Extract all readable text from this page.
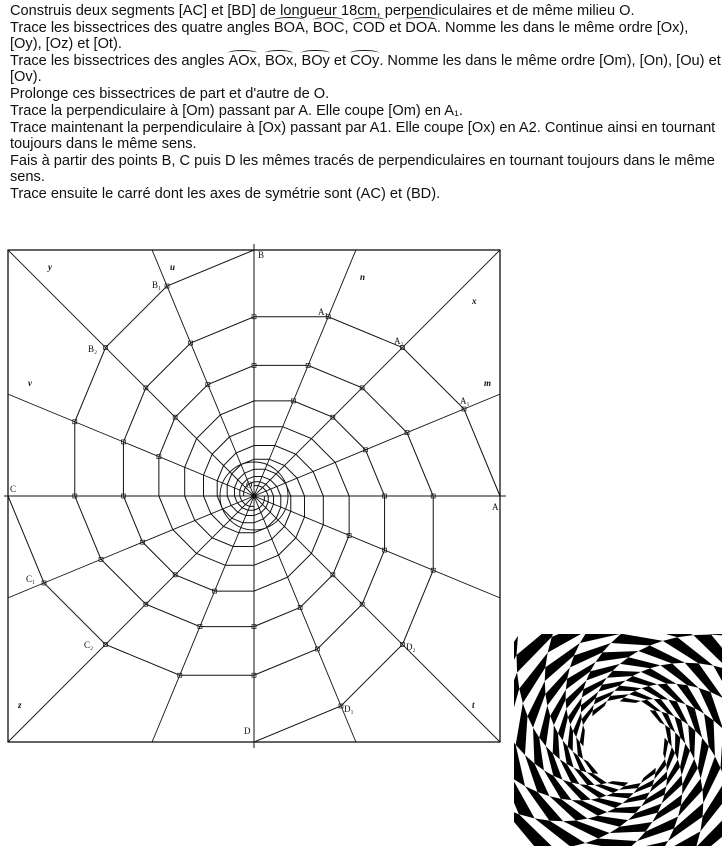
Construis deux segments [AC] et [BD] de longueur 18cm, perpendiculaires et de même milieu O.

Trace les bissectrices des quatre angles BOA, BOC, COD et DOA. Nomme les dans le même ordre [Ox), [Oy), [Oz) et [Ot).

Trace les bissectrices des angles AOx, BOx, BOy et COy. Nomme les dans le même ordre [Om), [On), [Ou) et [Ov).

Prolonge ces bissectrices de part et d'autre de O.

Trace la perpendiculaire à [Om) passant par A. Elle coupe [Om) en A₁.

Trace maintenant la perpendiculaire à [Ox) passant par A1. Elle coupe [Ox) en A2. Continue ainsi en tournant toujours dans le même sens.

Fais à partir des points B, C puis D les mêmes tracés de perpendiculaires en tournant toujours dans le même sens.

Trace ensuite le carré dont les axes de symétrie sont (AC) et (BD).

A
B
C
D
O
A₁
A₂
A₃
B₁
B₂
C₁
C₂
D₁
D₂
y	u
n
x
m
v
z	t
